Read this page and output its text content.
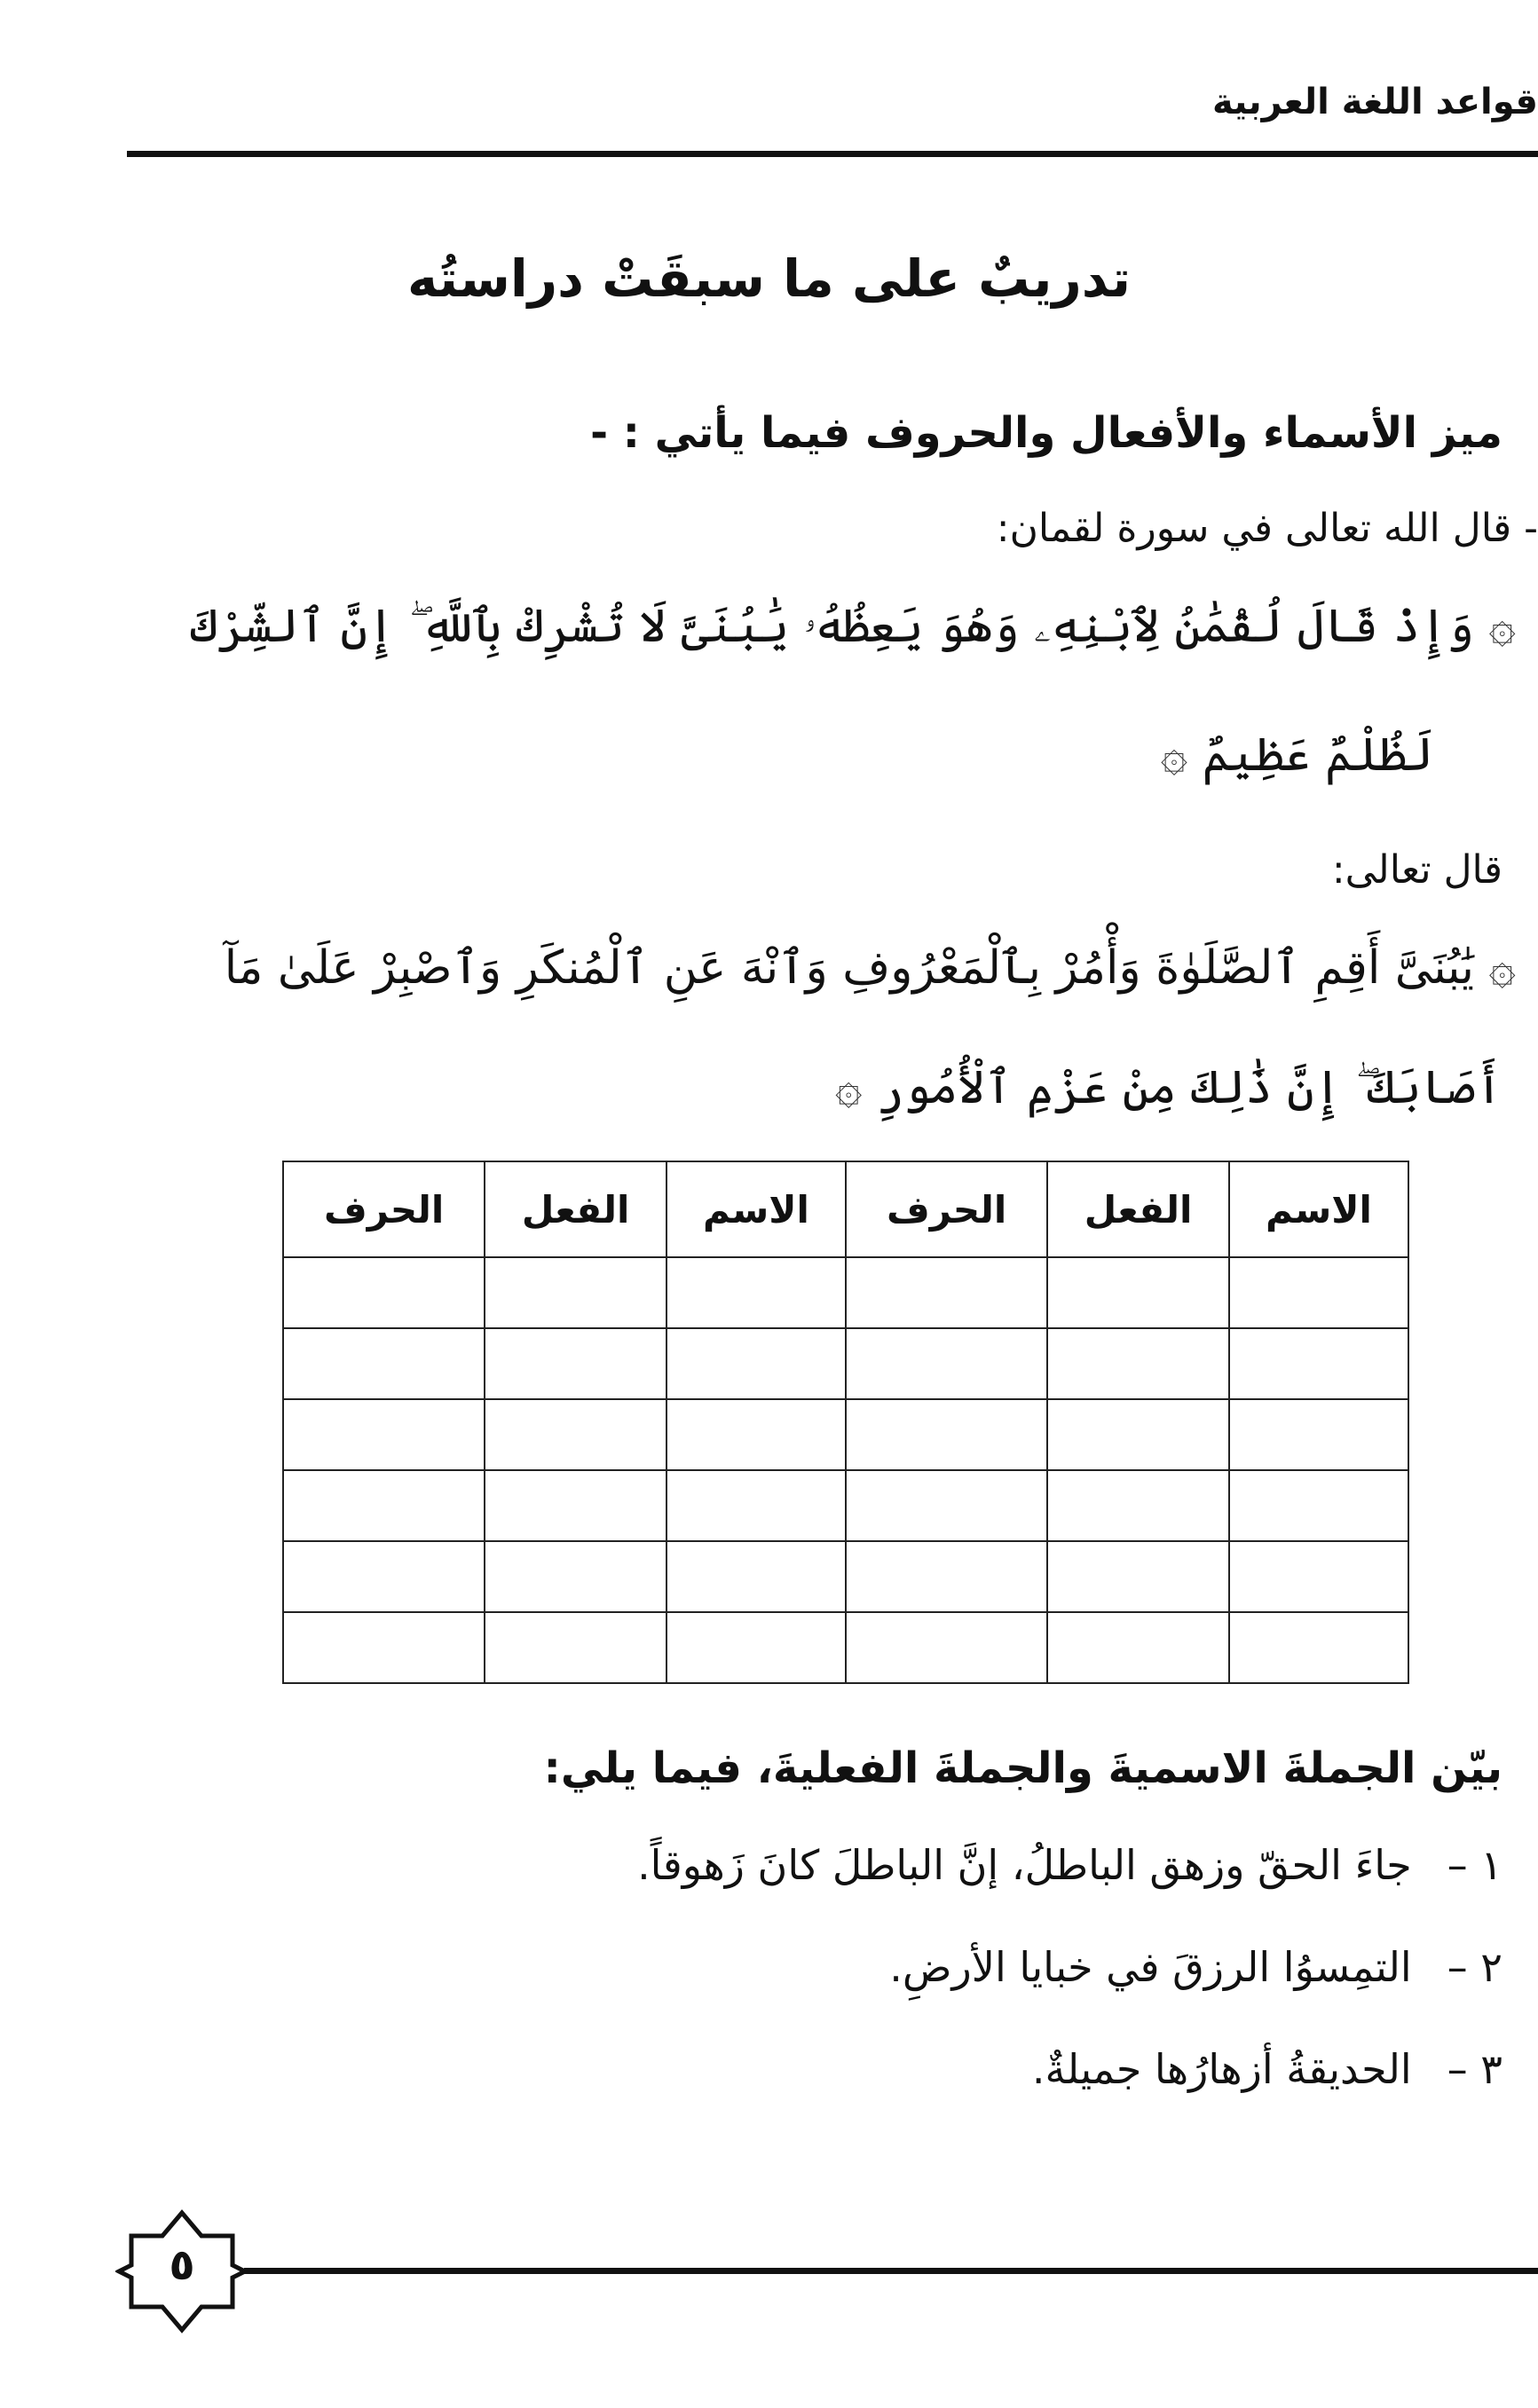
قواعد اللغة العربية
تدريبٌ على ما سبقَتْ دراستُه
ميز الأسماء والأفعال والحروف فيما يأتي : -
- قال الله تعالى في سورة لقمان:
۞ وَإِذْ قَالَ لُقْمَٰنُ لِٱبْنِهِۦ وَهُوَ يَعِظُهُۥ يَٰبُنَىَّ لَا تُشْرِكْ بِٱللَّهِ ۖ إِنَّ ٱلشِّرْكَ
لَظُلْمٌ عَظِيمٌ ۞
قال تعالى:
۞ يَٰبُنَىَّ أَقِمِ ٱلصَّلَوٰةَ وَأْمُرْ بِٱلْمَعْرُوفِ وَٱنْهَ عَنِ ٱلْمُنكَرِ وَٱصْبِرْ عَلَىٰ مَآ
أَصَابَكَ ۖ إِنَّ ذَٰلِكَ مِنْ عَزْمِ ٱلْأُمُورِ ۞
الاسم	الفعل	الحرف	الاسم	الفعل	الحرف

بيّن الجملةَ الاسميةَ والجملةَ الفعليةَ، فيما يلي:
١ –جاءَ الحقّ وزهق الباطلُ، إنَّ الباطلَ كانَ زَهوقاً.
٢ –التمِسوُا الرزقَ في خبايا الأرضِ.
٣ –الحديقةُ أزهارُها جميلةٌ.
٥
